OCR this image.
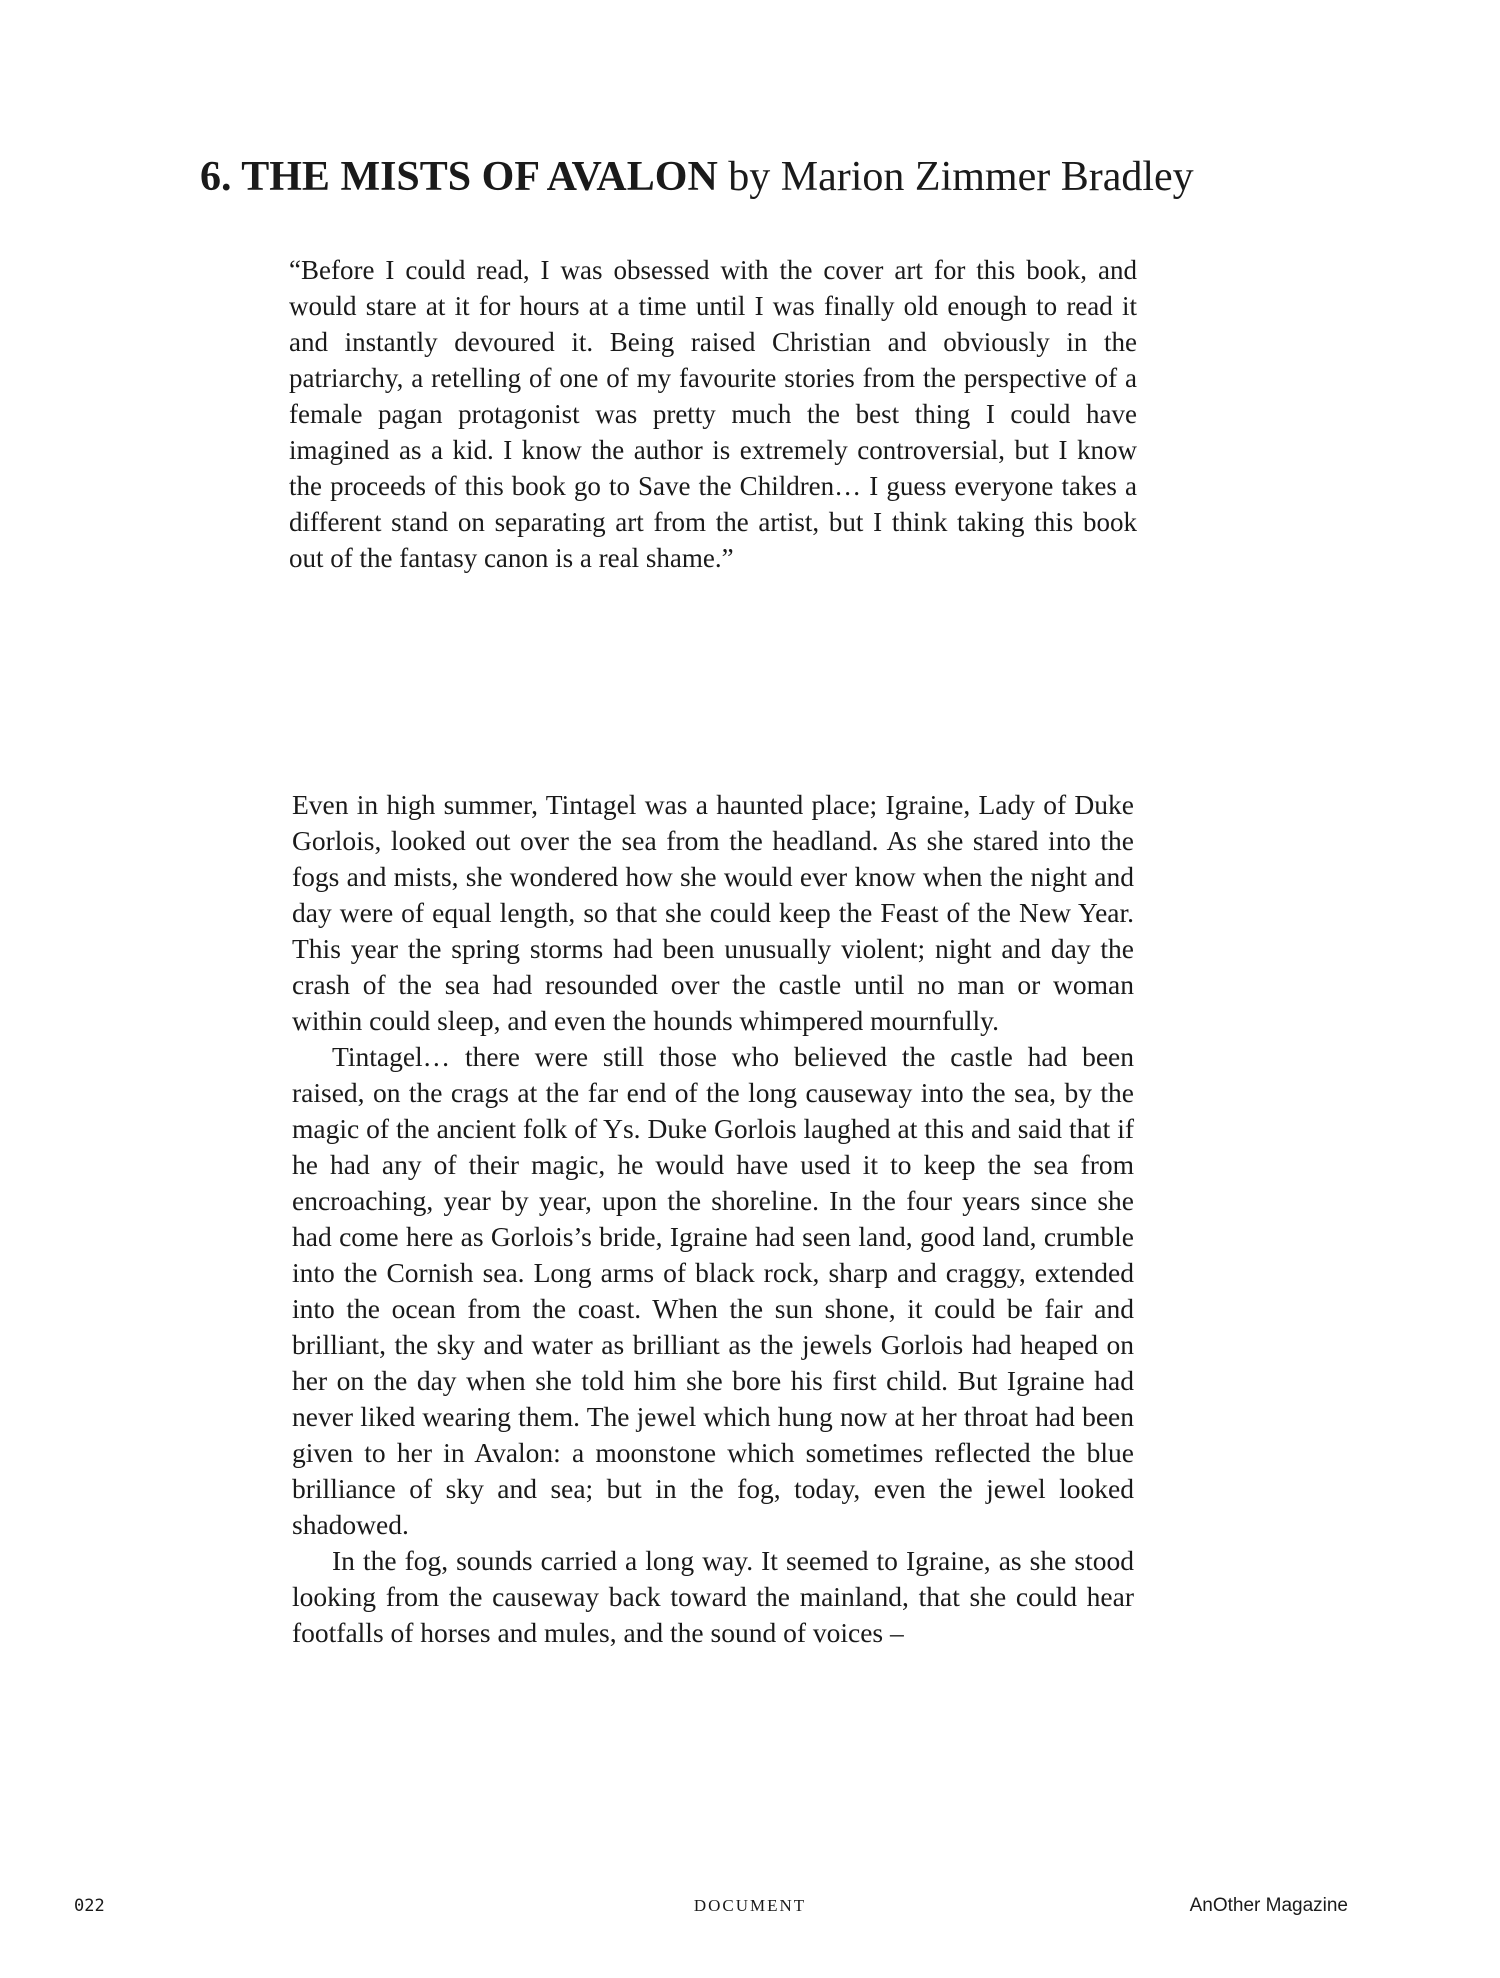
6. THE MISTS OF AVALON by Marion Zimmer Bradley

“Before I could read, I was obsessed with the cover art for this book, and would stare at it for hours at a time until I was finally old enough to read it and instantly devoured it. Being raised Christian and obviously in the patriarchy, a retelling of one of my favourite stories from the perspective of a female pagan protagonist was pretty much the best thing I could have imagined as a kid. I know the author is extremely controversial, but I know the proceeds of this book go to Save the Children… I guess everyone takes a different stand on separating art from the artist, but I think taking this book out of the fantasy canon is a real shame.”

Even in high summer, Tintagel was a haunted place; Igraine, Lady of Duke Gorlois, looked out over the sea from the headland. As she stared into the fogs and mists, she wondered how she would ever know when the night and day were of equal length, so that she could keep the Feast of the New Year. This year the spring storms had been unusually violent; night and day the crash of the sea had resounded over the castle until no man or woman within could sleep, and even the hounds whimpered mournfully.

Tintagel… there were still those who believed the castle had been raised, on the crags at the far end of the long causeway into the sea, by the magic of the ancient folk of Ys. Duke Gorlois laughed at this and said that if he had any of their magic, he would have used it to keep the sea from encroaching, year by year, upon the shoreline. In the four years since she had come here as Gorlois’s bride, Igraine had seen land, good land, crumble into the Cornish sea. Long arms of black rock, sharp and craggy, extended into the ocean from the coast. When the sun shone, it could be fair and brilliant, the sky and water as brilliant as the jewels Gorlois had heaped on her on the day when she told him she bore his first child. But Igraine had never liked wearing them. The jewel which hung now at her throat had been given to her in Avalon: a moonstone which sometimes reflected the blue brilliance of sky and sea; but in the fog, today, even the jewel looked shadowed.

In the fog, sounds carried a long way. It seemed to Igraine, as she stood looking from the causeway back toward the mainland, that she could hear footfalls of horses and mules, and the sound of voices –

022	DOCUMENT	AnOther Magazine
